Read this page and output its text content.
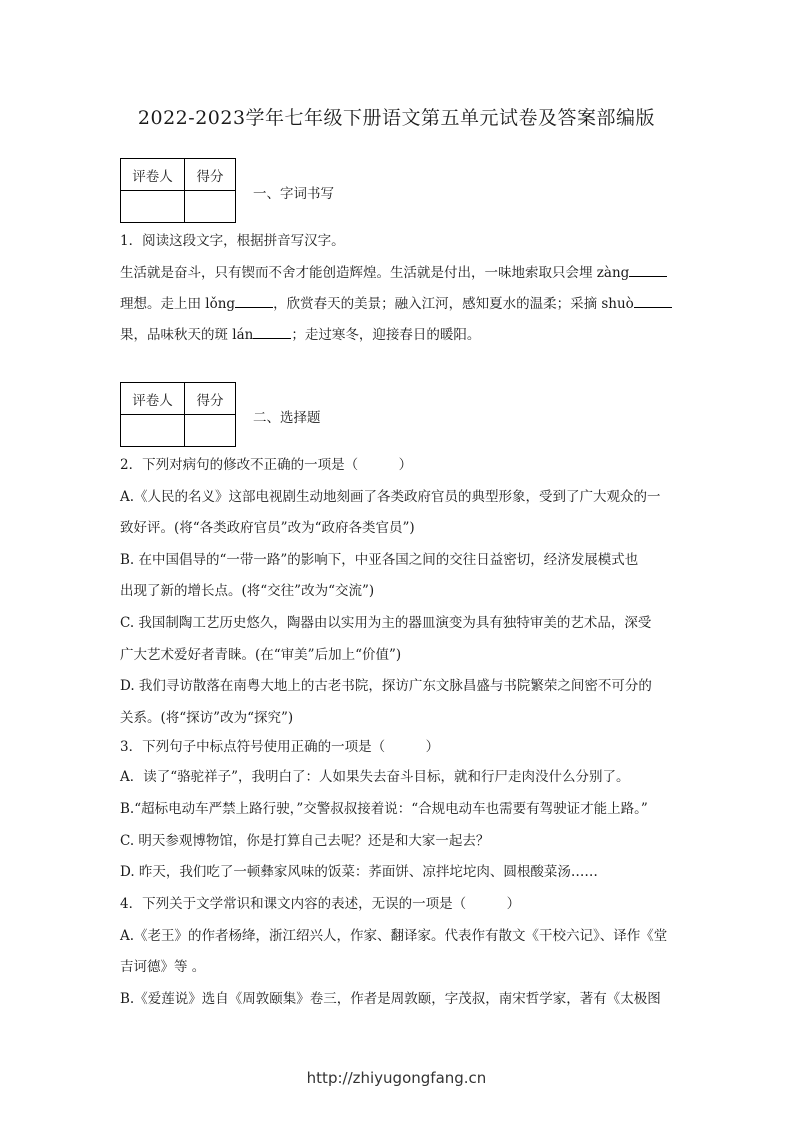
2022-2023学年七年级下册语文第五单元试卷及答案部编版
评卷人	得分

一、字词书写
1．阅读这段文字，根据拼音写汉字。
生活就是奋斗，只有锲而不舍才能创造辉煌。生活就是付出，一味地索取只会埋 zàng
理想。走上田 lǒng	，欣赏春天的美景；融入江河，感知夏水的温柔；采摘 shuò
果，品味秋天的斑 lán	；走过寒冬，迎接春日的暖阳。
评卷人	得分

二、选择题
2．下列对病句的修改不正确的一项是（　　　）
A.《人民的名义》这部电视剧生动地刻画了各类政府官员的典型形象，受到了广大观众的一
致好评。(将“各类政府官员”改为“政府各类官员”)
B. 在中国倡导的“一带一路”的影响下，中亚各国之间的交往日益密切，经济发展模式也
出现了新的增长点。(将“交往”改为“交流”)
C. 我国制陶工艺历史悠久，陶器由以实用为主的器皿演变为具有独特审美的艺术品，深受
广大艺术爱好者青睐。(在“审美”后加上“价值”)
D. 我们寻访散落在南粤大地上的古老书院，探访广东文脉昌盛与书院繁荣之间密不可分的
关系。(将“探访”改为“探究”)
3．下列句子中标点符号使用正确的一项是（　　　）
A．读了“骆驼祥子”，我明白了：人如果失去奋斗目标，就和行尸走肉没什么分别了。
B.“超标电动车严禁上路行驶，”交警叔叔接着说：“合规电动车也需要有驾驶证才能上路。”
C. 明天参观博物馆，你是打算自己去呢？还是和大家一起去？
D. 昨天，我们吃了一顿彝家风味的饭菜：荞面饼、凉拌坨坨肉、圆根酸菜汤……
4．下列关于文学常识和课文内容的表述，无误的一项是（　　　）
A.《老王》的作者杨绛，浙江绍兴人，作家、翻译家。代表作有散文《干校六记》、译作《堂
吉诃德》等 。
B.《爱莲说》选自《周敦颐集》卷三，作者是周敦颐，字茂叔，南宋哲学家，著有《太极图
http://zhiyugongfang.cn
